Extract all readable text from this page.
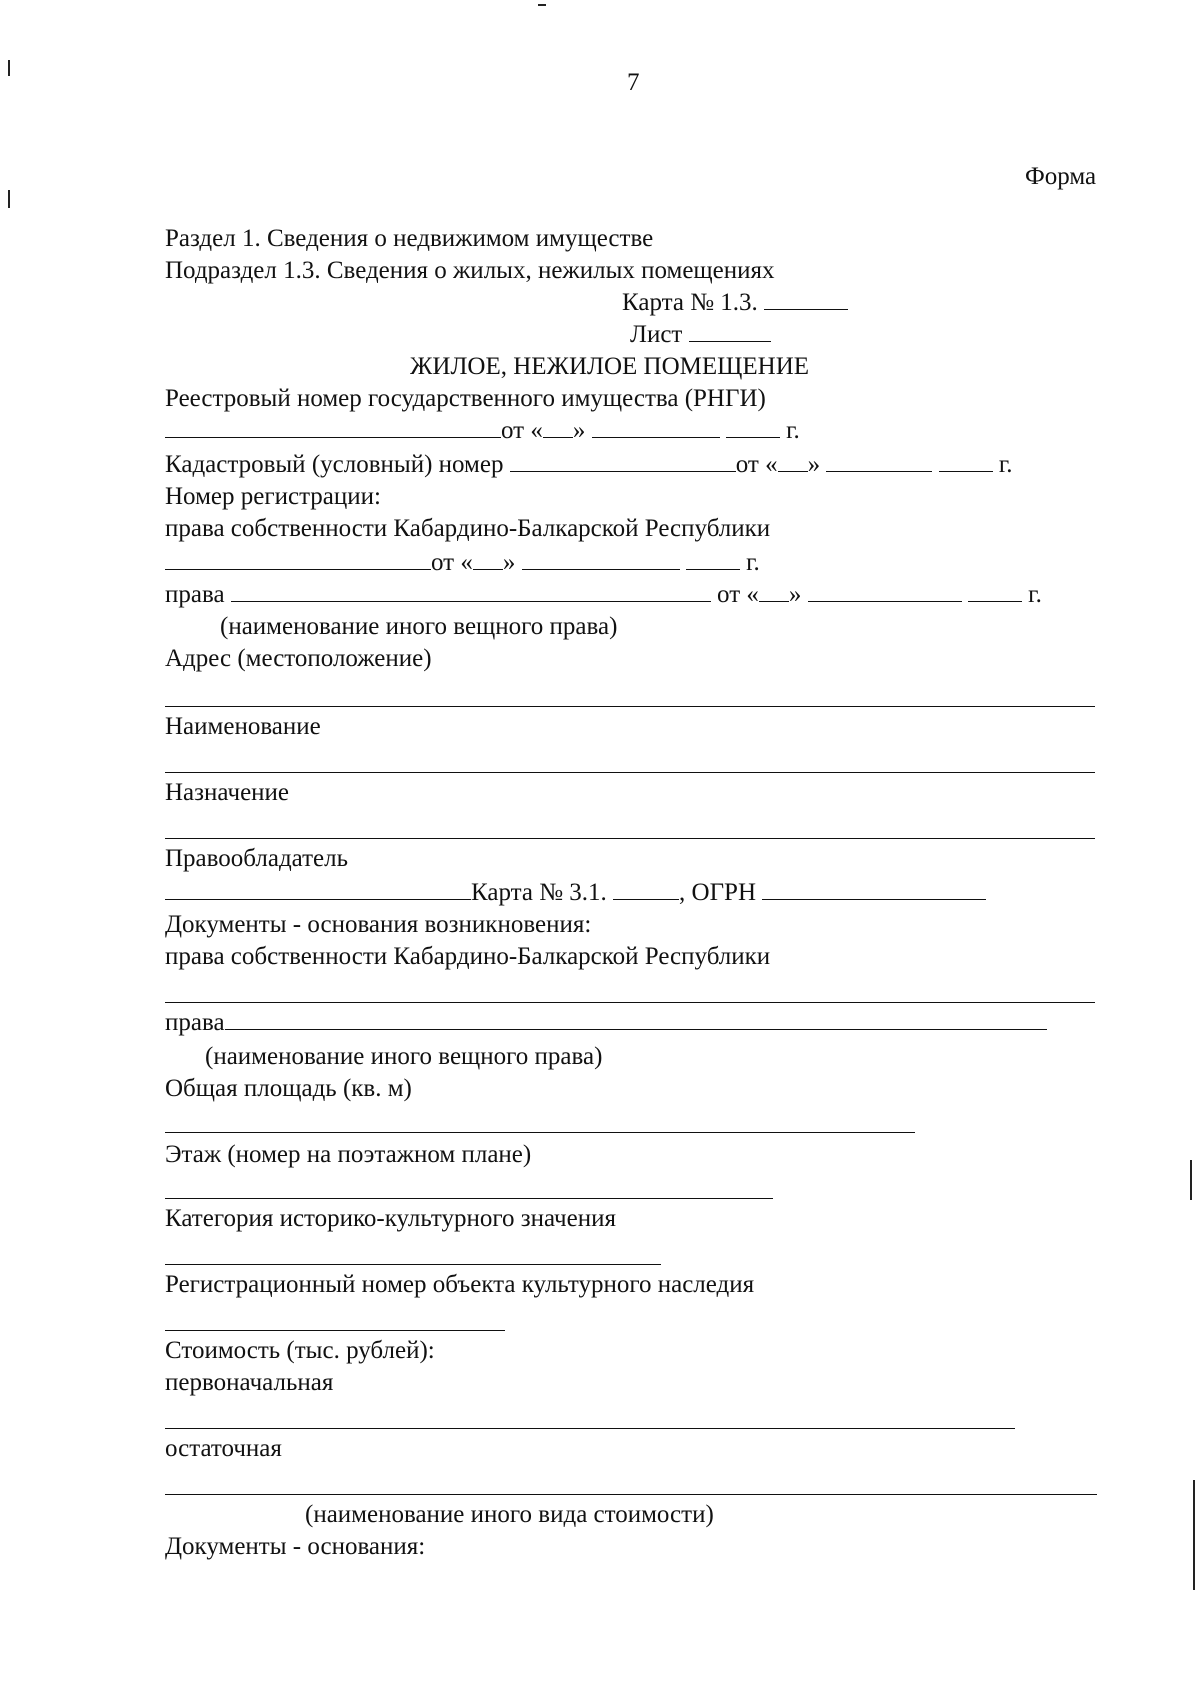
7
Форма
Раздел 1. Сведения о недвижимом имуществе
Подраздел 1.3. Сведения о жилых, нежилых помещениях
Карта № 1.3.
Лист
ЖИЛОЕ, НЕЖИЛОЕ ПОМЕЩЕНИЕ
Реестровый номер государственного имущества (РНГИ)
от « »	г.
Кадастровый (условный) номер	от « »	г.
Номер регистрации:
права собственности Кабардино-Балкарской Республики
от « »	г.
права	от « »	г.
(наименование иного вещного права)
Адрес (местоположение)
Наименование
Назначение
Правообладатель
Карта № 3.1.	, ОГРН
Документы - основания возникновения:
права собственности Кабардино-Балкарской Республики
права
(наименование иного вещного права)
Общая площадь (кв. м)
Этаж (номер на поэтажном плане)
Категория историко-культурного значения
Регистрационный номер объекта культурного наследия
Стоимость (тыс. рублей):
первоначальная
остаточная
(наименование иного вида стоимости)
Документы - основания:
